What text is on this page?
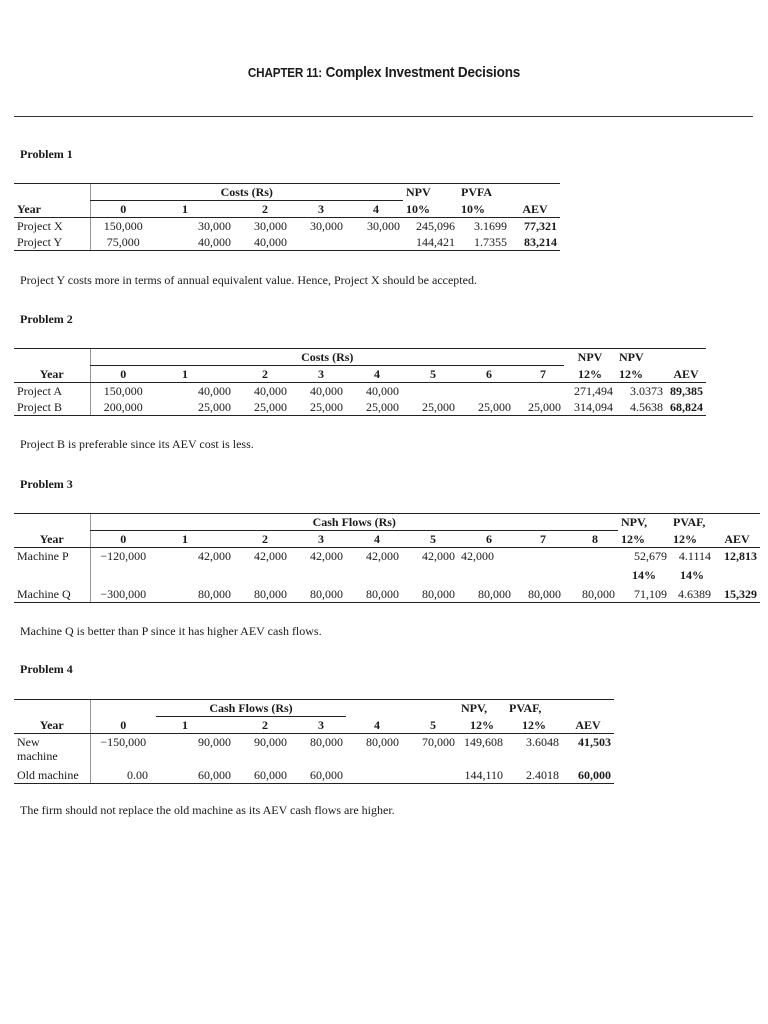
CHAPTER 11: Complex Investment Decisions
Problem 1
	Costs (Rs)					NPV	PVFA	
Year	0	1	2	3	4	10%	10%	AEV
Project X	150,000	30,000	30,000	30,000	30,000	245,096	3.1699	77,321
Project Y	75,000	40,000	40,000			144,421	1.7355	83,214
Project Y costs more in terms of annual equivalent value. Hence, Project X should be accepted.
Problem 2
	Costs (Rs)								NPV	NPV	
Year	0	1	2	3	4	5	6	7	12%	12%	AEV
Project A	150,000	40,000	40,000	40,000	40,000				271,494	3.0373	89,385
Project B	200,000	25,000	25,000	25,000	25,000	25,000	25,000	25,000	314,094	4.5638	68,824
Project B is preferable since its AEV cost is less.
Problem 3
	Cash Flows (Rs)									NPV,	PVAF,	
Year	0	1	2	3	4	5	6	7	8	12%	12%	AEV
Machine P	−120,000	42,000	42,000	42,000	42,000	42,000	42,000			52,679	4.1114	12,813
										14%	14%	
Machine Q	−300,000	80,000	80,000	80,000	80,000	80,000	80,000	80,000	80,000	71,109	4.6389	15,329
Machine Q is better than P since it has higher AEV cash flows.
Problem 4
		Cash Flows (Rs)					NPV,	PVAF,	
Year	0	1	2	3	4	5	12%	12%	AEV
New
machine	−150,000	90,000	90,000	80,000	80,000	70,000	149,608	3.6048	41,503
Old machine	0.00	60,000	60,000	60,000			144,110	2.4018	60,000
The firm should not replace the old machine as its AEV cash flows are higher.
